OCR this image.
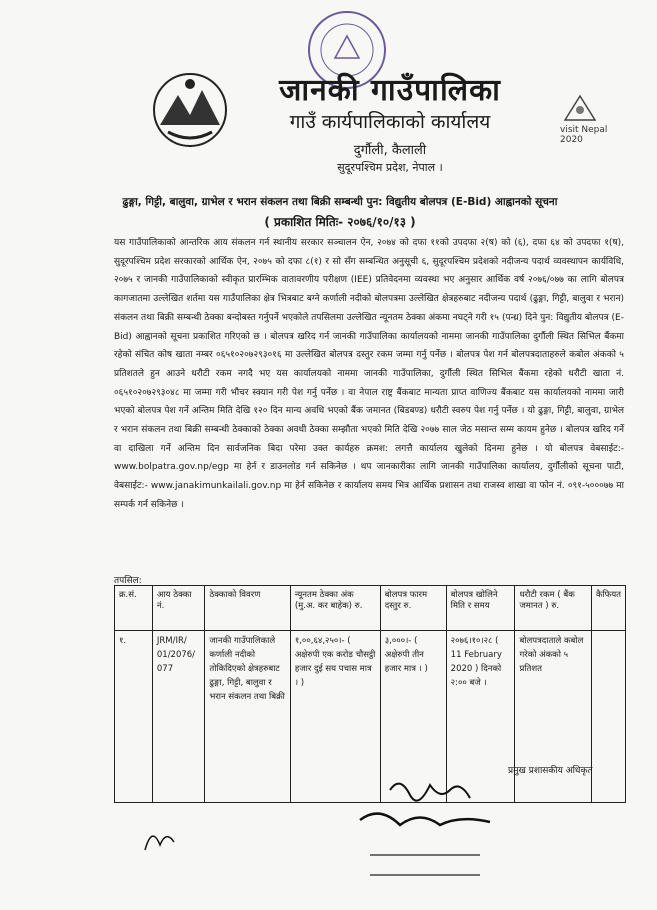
जानकी गाउँपालिका
गाउँ कार्यपालिकाको कार्यालय
दुर्गौली, कैलाली
सुदूरपश्चिम प्रदेश, नेपाल ।
visit Nepal 2020
ढुङ्गा, गिट्टी, बालुवा, ग्राभेल र भरान संकलन तथा बिक्री सम्बन्धी पुन: विद्युतीय बोलपत्र (E-Bid) आह्वानको सूचना
( प्रकाशित मितिः- २०७६/१०/१३ )
यस गाउँपालिकाको आन्तरिक आय संकलन गर्न स्थानीय सरकार सञ्चालन ऐन, २०७४ को दफा ११को उपदफा २(ष) को (६), दफा ६४ को उपदफा १(ष), सुदूरपश्चिम प्रदेश सरकारको आर्थिक ऐन, २०७५ को दफा ८(१) र सो सँग सम्बन्धित अनुसूची ६, सुदूरपश्चिम प्रदेशको नदीजन्य पदार्थ व्यवस्थापन कार्यविधि, २०७५ र जानकी गाउँपालिकाको स्वीकृत प्रारम्भिक वातावरणीय परीक्षण (IEE) प्रतिवेदनमा व्यवस्था भए अनुसार आर्थिक वर्ष २०७६/०७७ का लागि बोलपत्र कागजातमा उल्लेखित शर्तमा यस गाउँपालिका क्षेत्र भित्रबाट बग्ने कर्णाली नदीको बोलपत्रमा उल्लेखित क्षेत्रहरुबाट नदीजन्य पदार्थ (ढुङ्गा, गिट्टी, बालुवा र भरान) संकलन तथा बिक्री सम्बन्धी ठेक्का बन्दोबस्त गर्नुपर्ने भएकोले तपसिलमा उल्लेखित न्यूनतम ठेक्का अंकमा नघट्ने गरी १५ (पन्ध्र) दिने पुन: विद्युतीय बोलपत्र (E-Bid) आह्वानको सूचना प्रकाशित गरिएको छ । बोलपत्र खरिद गर्न जानकी गाउँपालिका कार्यालयको नाममा जानकी गाउँपालिका दुर्गौली स्थित सिभिल बैंकमा रहेको संचित कोष खाता नम्बर ०६५१०२०७२९३०१६ मा उल्लेखित बोलपत्र दस्तुर रकम जम्मा गर्नु पर्नेछ । बोलपत्र पेश गर्न बोलपत्रदाताहरुले कबोल अंकको ५ प्रतिशतले हुन आउने धरौटी रकम नगदै भए यस कार्यालयको नाममा जानकी गाउँपालिका, दुर्गौली स्थित सिभिल बैंकमा रहेको धरौटी खाता नं. ०६५१०२०७२९३०४८ मा जम्मा गरी भौचर स्क्यान गरी पेश गर्नु पर्नेछ । वा नेपाल राष्ट्र बैंकबाट मान्यता प्राप्त वाणिज्य बैंकबाट यस कार्यालयको नाममा जारी भएको बोलपत्र पेश गर्ने अन्तिम मिति देखि १२० दिन मान्य अवधि भएको बैंक जमानत (बिडबण्ड) धरौटी स्वरुप पेश गर्नु पर्नेछ । यो ढुङ्गा, गिट्टी, बालुवा, ग्राभेल र भरान संकलन तथा बिक्री सम्बन्धी ठेक्काको ठेक्का अवधी ठेक्का सम्झौता भएको मिति देखि २०७७ साल जेठ मसान्त सम्म कायम हुनेछ । बोलपत्र खरिद गर्ने वा दाखिला गर्ने अन्तिम दिन सार्वजनिक बिदा परेमा उक्त कार्यहरु क्रमश: लगत्तै कार्यालय खुलेको दिनमा हुनेछ । यो बोलपत्र वेबसाईट:- www.bolpatra.gov.np/egp मा हेर्न र डाउनलोड गर्न सकिनेछ । थप जानकारीका लागि जानकी गाउँपालिका कार्यालय, दुर्गौलीको सूचना पाटी, वेबसाईट:- www.janakimunkailali.gov.np मा हेर्न सकिनेछ र कार्यालय समय भित्र आर्थिक प्रशासन तथा राजस्व शाखा वा फोन नं. ०९१-५०००७७ मा सम्पर्क गर्न सकिनेछ ।
तपसिल:
क्र.सं.	आय ठेक्का नं.	ठेक्काको विवरण	न्यूनतम ठेक्का अंक (मु.अ. कर बाहेक) रु.	बोलपत्र फारम दस्तुर रु.	बोलपत्र खोलिने मिति र समय	धरौटी रकम ( बैंक जमानत ) रु.	कैफियत
१.	JRM/IR/ 01/2076/ 077	जानकी गाउँपालिकाले कर्णाली नदीको तोकिदिएको क्षेत्रहरुबाट ढुङ्गा, गिट्टी, बालुवा र भरान संकलन तथा बिक्री	१,००,६४,२५०।- ( अक्षेरुपी एक करोड चौसट्ठी हजार दुई सय पचास मात्र । )	३,०००।- ( अक्षेरुपी तीन हजार मात्र । )	२०७६।१०।२८ ( 11 February 2020 ) दिनको २:०० बजे ।	बोलपत्रदाताले कबोल गरेको अंकको ५ प्रतिशत	
प्रमुख प्रशासकीय अधिकृत
